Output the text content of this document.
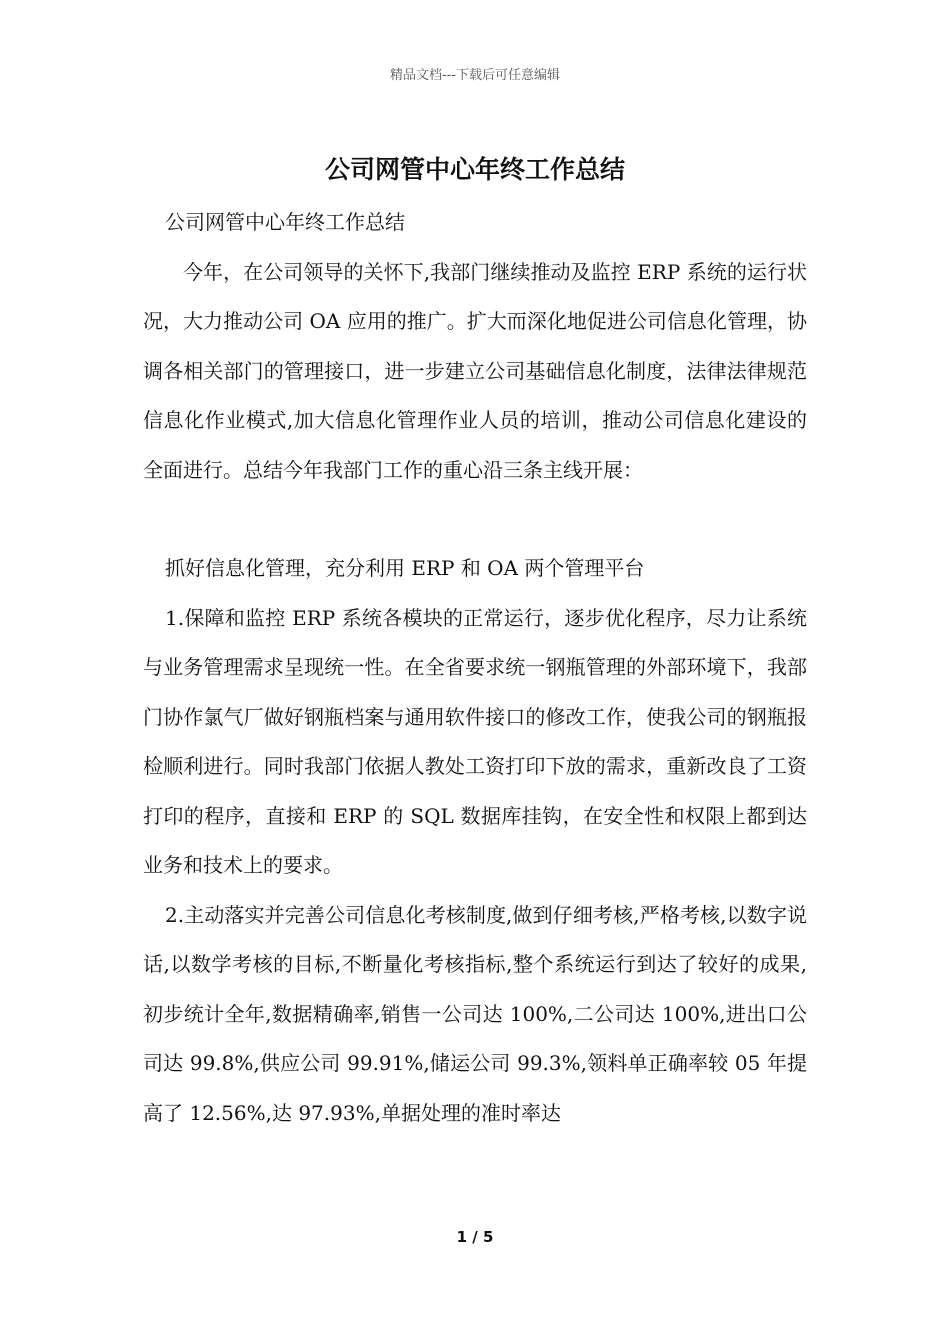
精品文档---下载后可任意编辑
公司网管中心年终工作总结

公司网管中心年终工作总结

今年，在公司领导的关怀下,我部门继续推动及监控 ERP 系统的运行状况，大力推动公司 OA 应用的推广。扩大而深化地促进公司信息化管理，协调各相关部门的管理接口，进一步建立公司基础信息化制度，法律法律规范信息化作业模式,加大信息化管理作业人员的培训，推动公司信息化建设的全面进行。总结今年我部门工作的重心沿三条主线开展：

抓好信息化管理，充分利用 ERP 和 OA 两个管理平台

1.保障和监控 ERP 系统各模块的正常运行，逐步优化程序，尽力让系统与业务管理需求呈现统一性。在全省要求统一钢瓶管理的外部环境下，我部门协作氯气厂做好钢瓶档案与通用软件接口的修改工作，使我公司的钢瓶报检顺利进行。同时我部门依据人教处工资打印下放的需求，重新改良了工资打印的程序，直接和 ERP 的 SQL 数据库挂钩，在安全性和权限上都到达业务和技术上的要求。

2.主动落实并完善公司信息化考核制度,做到仔细考核,严格考核,以数字说话,以数学考核的目标,不断量化考核指标,整个系统运行到达了较好的成果,初步统计全年,数据精确率,销售一公司达 100%,二公司达 100%,进出口公司达 99.8%,供应公司 99.91%,储运公司 99.3%,领料单正确率较 05 年提高了 12.56%,达 97.93%,单据处理的准时率达

1 / 5
